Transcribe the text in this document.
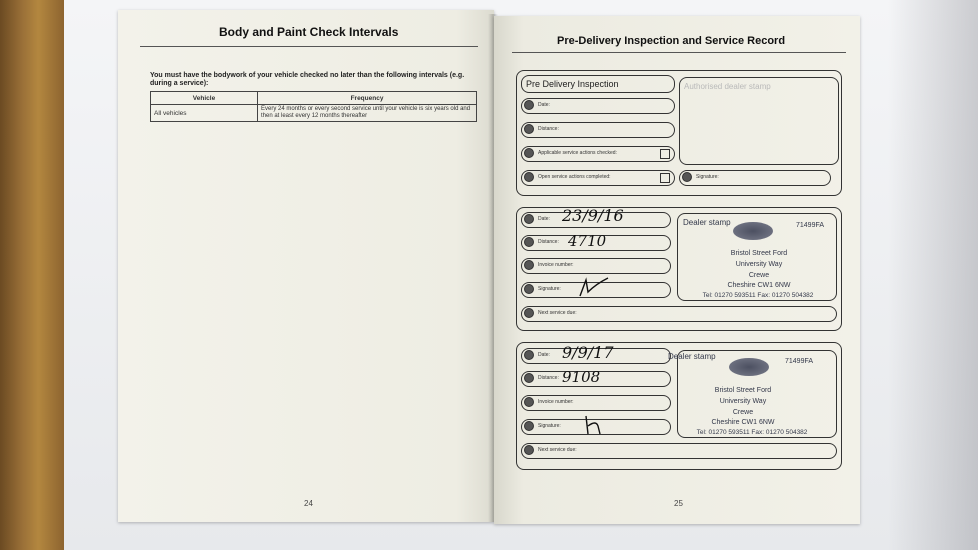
Body and Paint Check Intervals
You must have the bodywork of your vehicle checked no later than the following intervals (e.g. during a service):
Vehicle	Frequency
All vehicles	Every 24 months or every second service until your vehicle is six years old and then at least every 12 months thereafter
24
Pre-Delivery Inspection and Service Record
Pre Delivery Inspection
Date:
Distance:
Applicable service actions checked:
Open service actions completed:
Authorised dealer stamp
Signature:
Date: 23/9/16
Distance: 4710
Invoice number:
Signature:
Next service due:
Dealer stamp	71499FA
Bristol Street Ford
University Way
Crewe
Cheshire CW1 6NW
Tel: 01270 593511 Fax: 01270 504382
Date: 9/9/17
Distance: 9108
Invoice number:
Signature:
Next service due:
Dealer stamp
71499FA
Bristol Street Ford
University Way
Crewe
Cheshire CW1 6NW
Tel: 01270 593511 Fax: 01270 504382
25
